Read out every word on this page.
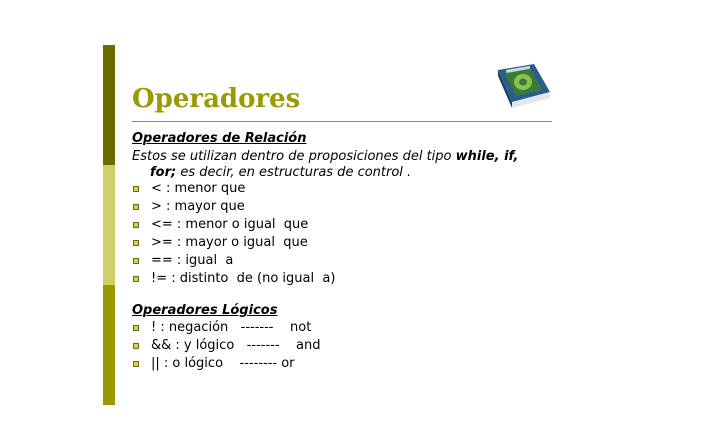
Operadores
Operadores de Relación
Estos se utilizan dentro de proposiciones del tipo while, if,
for; es decir, en estructuras de control .
< : menor que
> : mayor que
<= : menor o igual  que
>= : mayor o igual  que
== : igual  a
!= : distinto  de (no igual  a)
Operadores Lógicos
! : negación   -------    not
&& : y lógico   -------    and
|| : o lógico    -------- or
